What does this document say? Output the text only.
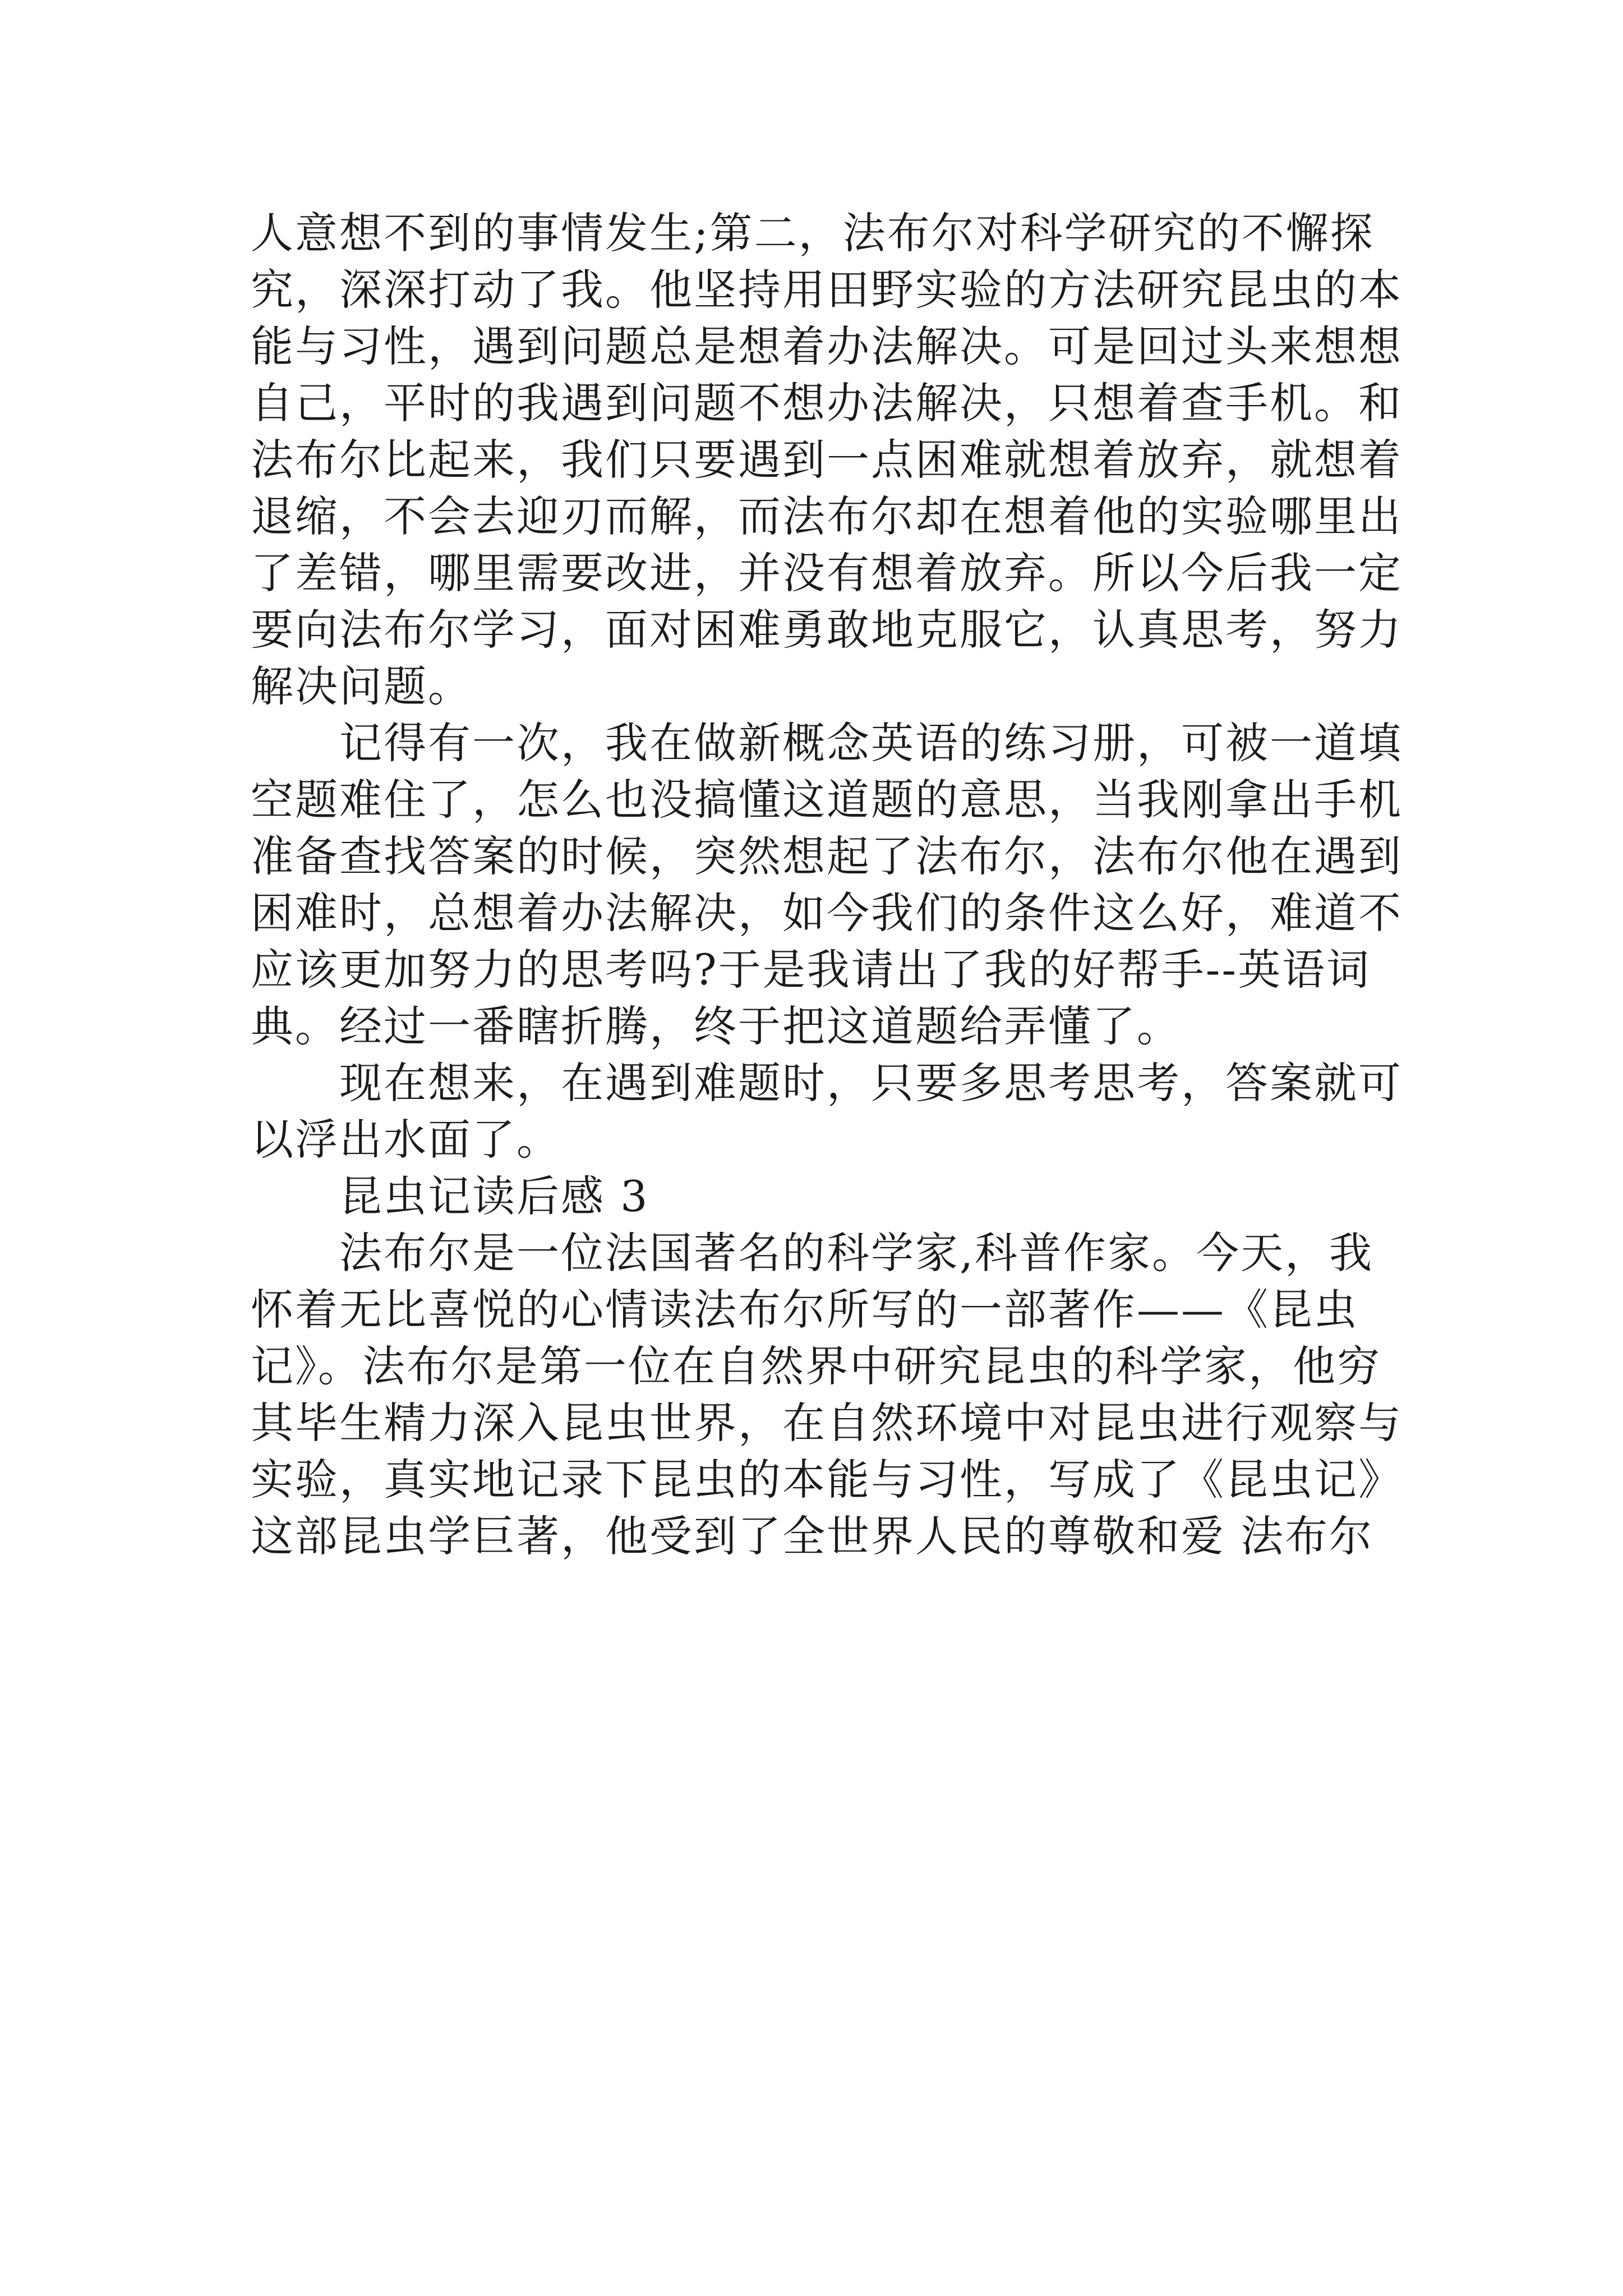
人意想不到的事情发生;第二，法布尔对科学研究的不懈探
究，深深打动了我。他坚持用田野实验的方法研究昆虫的本
能与习性，遇到问题总是想着办法解决。可是回过头来想想
自己，平时的我遇到问题不想办法解决，只想着查手机。和
法布尔比起来，我们只要遇到一点困难就想着放弃，就想着
退缩，不会去迎刃而解，而法布尔却在想着他的实验哪里出
了差错，哪里需要改进，并没有想着放弃。所以今后我一定
要向法布尔学习，面对困难勇敢地克服它，认真思考，努力
解决问题。
记得有一次，我在做新概念英语的练习册，可被一道填
空题难住了，怎么也没搞懂这道题的意思，当我刚拿出手机
准备查找答案的时候，突然想起了法布尔，法布尔他在遇到
困难时，总想着办法解决，如今我们的条件这么好，难道不
应该更加努力的思考吗?于是我请出了我的好帮手--英语词
典。经过一番瞎折腾，终于把这道题给弄懂了。
现在想来，在遇到难题时，只要多思考思考，答案就可
以浮出水面了。
昆虫记读后感 3
法布尔是一位法国著名的科学家,科普作家。今天，我
怀着无比喜悦的心情读法布尔所写的一部著作——《昆虫
记》。法布尔是第一位在自然界中研究昆虫的科学家，他穷
其毕生精力深入昆虫世界，在自然环境中对昆虫进行观察与
实验，真实地记录下昆虫的本能与习性，写成了《昆虫记》
这部昆虫学巨著，他受到了全世界人民的尊敬和爱 法布尔
